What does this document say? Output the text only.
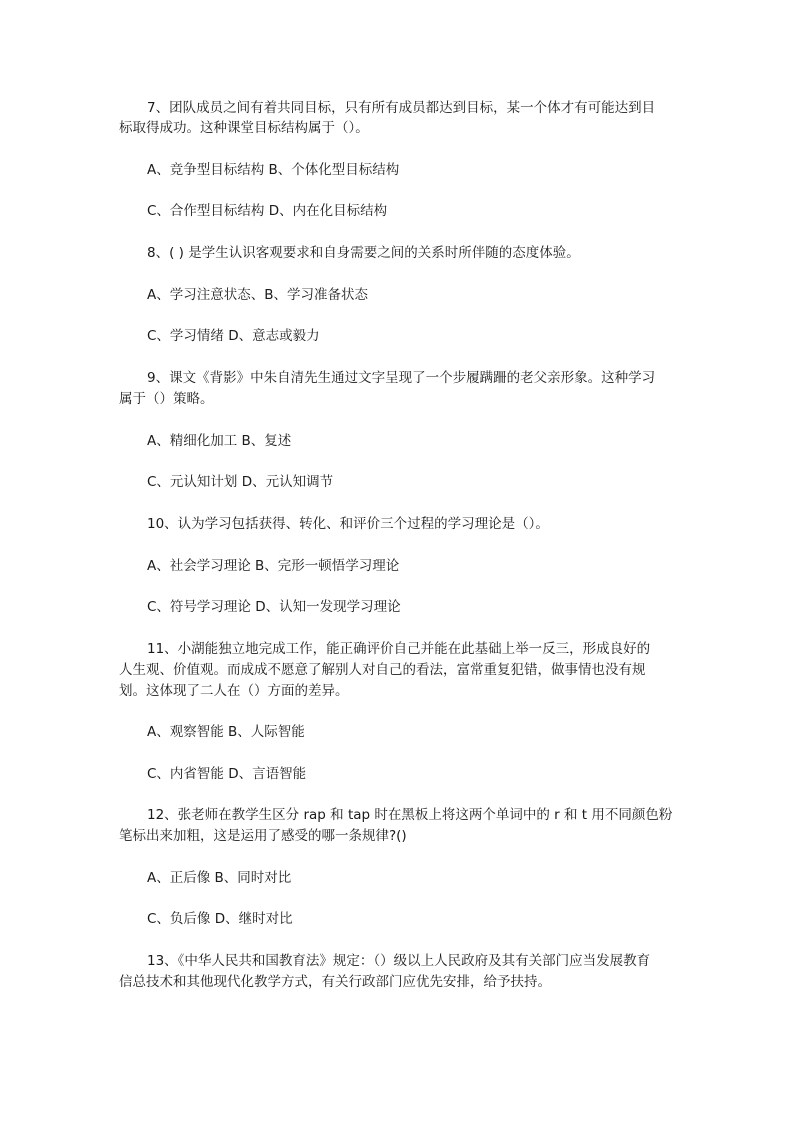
7、团队成员之间有着共同目标，只有所有成员都达到目标，某一个体才有可能达到目
标取得成功。这种课堂目标结构属于（）。
A、竞争型目标结构 B、个体化型目标结构
C、合作型目标结构 D、内在化目标结构
8、( ) 是学生认识客观要求和自身需要之间的关系时所伴随的态度体验。
A、学习注意状态、B、学习准备状态
C、学习情绪 D、意志或毅力
9、课文《背影》中朱自清先生通过文字呈现了一个步履蹒跚的老父亲形象。这种学习
属于（）策略。
A、精细化加工 B、复述
C、元认知计划 D、元认知调节
10、认为学习包括获得、转化、和评价三个过程的学习理论是（）。
A、社会学习理论 B、完形一顿悟学习理论
C、符号学习理论 D、认知一发现学习理论
11、小湖能独立地完成工作，能正确评价自己并能在此基础上举一反三，形成良好的
人生观、价值观。而成成不愿意了解别人对自己的看法，富常重复犯错，做事情也没有规
划。这体现了二人在（）方面的差异。
A、观察智能 B、人际智能
C、内省智能 D、言语智能
12、张老师在教学生区分 rap 和 tap 时在黑板上将这两个单词中的 r 和 t 用不同颜色粉
笔标出来加粗，这是运用了感受的哪一条规律?()
A、正后像 B、同时对比
C、负后像 D、继时对比
13、《中华人民共和国教育法》规定：（）级以上人民政府及其有关部门应当发展教育
信总技术和其他现代化教学方式，有关行政部门应优先安排，给予扶持。
